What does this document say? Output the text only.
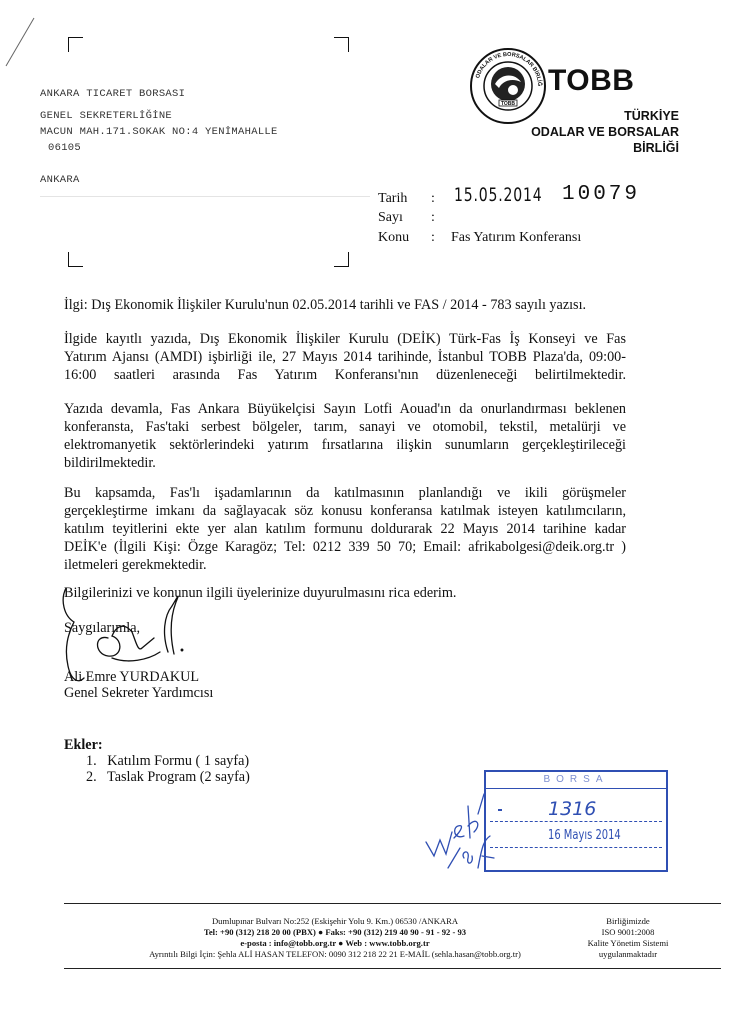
ANKARA TICARET BORSASI
GENEL SEKRETERLİĞİNE
MACUN MAH.171.SOKAK NO:4 YENİMAHALLE
06105
ANKARA
ODALAR VE BORSALAR BİRLİĞ
TOBB
TOBB
TÜRKİYE
ODALAR VE BORSALAR
BİRLİĞİ
Tarih : 15.05.2014 10079
Sayı :
Konu : Fas Yatırım Konferansı
İlgi: Dış Ekonomik İlişkiler Kurulu'nun 02.05.2014 tarihli ve FAS / 2014 - 783 sayılı yazısı.
İlgide kayıtlı yazıda, Dış Ekonomik İlişkiler Kurulu (DEİK) Türk-Fas İş Konseyi ve Fas
Yatırım Ajansı (AMDI) işbirliği ile, 27 Mayıs 2014 tarihinde, İstanbul TOBB Plaza'da, 09:00-
16:00 saatleri arasında Fas Yatırım Konferansı'nın düzenleneceği belirtilmektedir.
Yazıda devamla, Fas Ankara Büyükelçisi Sayın Lotfi Aouad'ın da onurlandırması beklenen
konferansta, Fas'taki serbest bölgeler, tarım, sanayi ve otomobil, tekstil, metalürji ve
elektromanyetik sektörlerindeki yatırım fırsatlarına ilişkin sunumların gerçekleştirileceği
bildirilmektedir.
Bu kapsamda, Fas'lı işadamlarının da katılmasının planlandığı ve ikili görüşmeler
gerçekleştirme imkanı da sağlayacak söz konusu konferansa katılmak isteyen katılımcıların,
katılım teyitlerini ekte yer alan katılım formunu doldurarak 22 Mayıs 2014 tarihine kadar
DEİK'e (İlgili Kişi: Özge Karagöz; Tel: 0212 339 50 70; Email: afrikabolgesi@deik.org.tr )
iletmeleri gerekmektedir.
Bilgilerinizi ve konunun ilgili üyelerinize duyurulmasını rica ederim.
Saygılarımla,
Ali Emre YURDAKUL
Genel Sekreter Yardımcısı
Ekler:
1.   Katılım Formu ( 1 sayfa)
2.   Taslak Program (2 sayfa)	BORSA
1316
16 Mayıs 2014
Dumlupınar Bulvarı No:252 (Eskişehir Yolu 9. Km.) 06530 /ANKARA
Tel: +90 (312) 218 20 00 (PBX) ● Faks: +90 (312) 219 40 90 - 91 - 92 - 93
e-posta : info@tobb.org.tr ● Web : www.tobb.org.tr
Ayrıntılı Bilgi İçin: Şehla ALİ HASAN TELEFON: 0090 312 218 22 21 E-MAİL (sehla.hasan@tobb.org.tr)
Birliğimizde
ISO 9001:2008
Kalite Yönetim Sistemi
uygulanmaktadır
